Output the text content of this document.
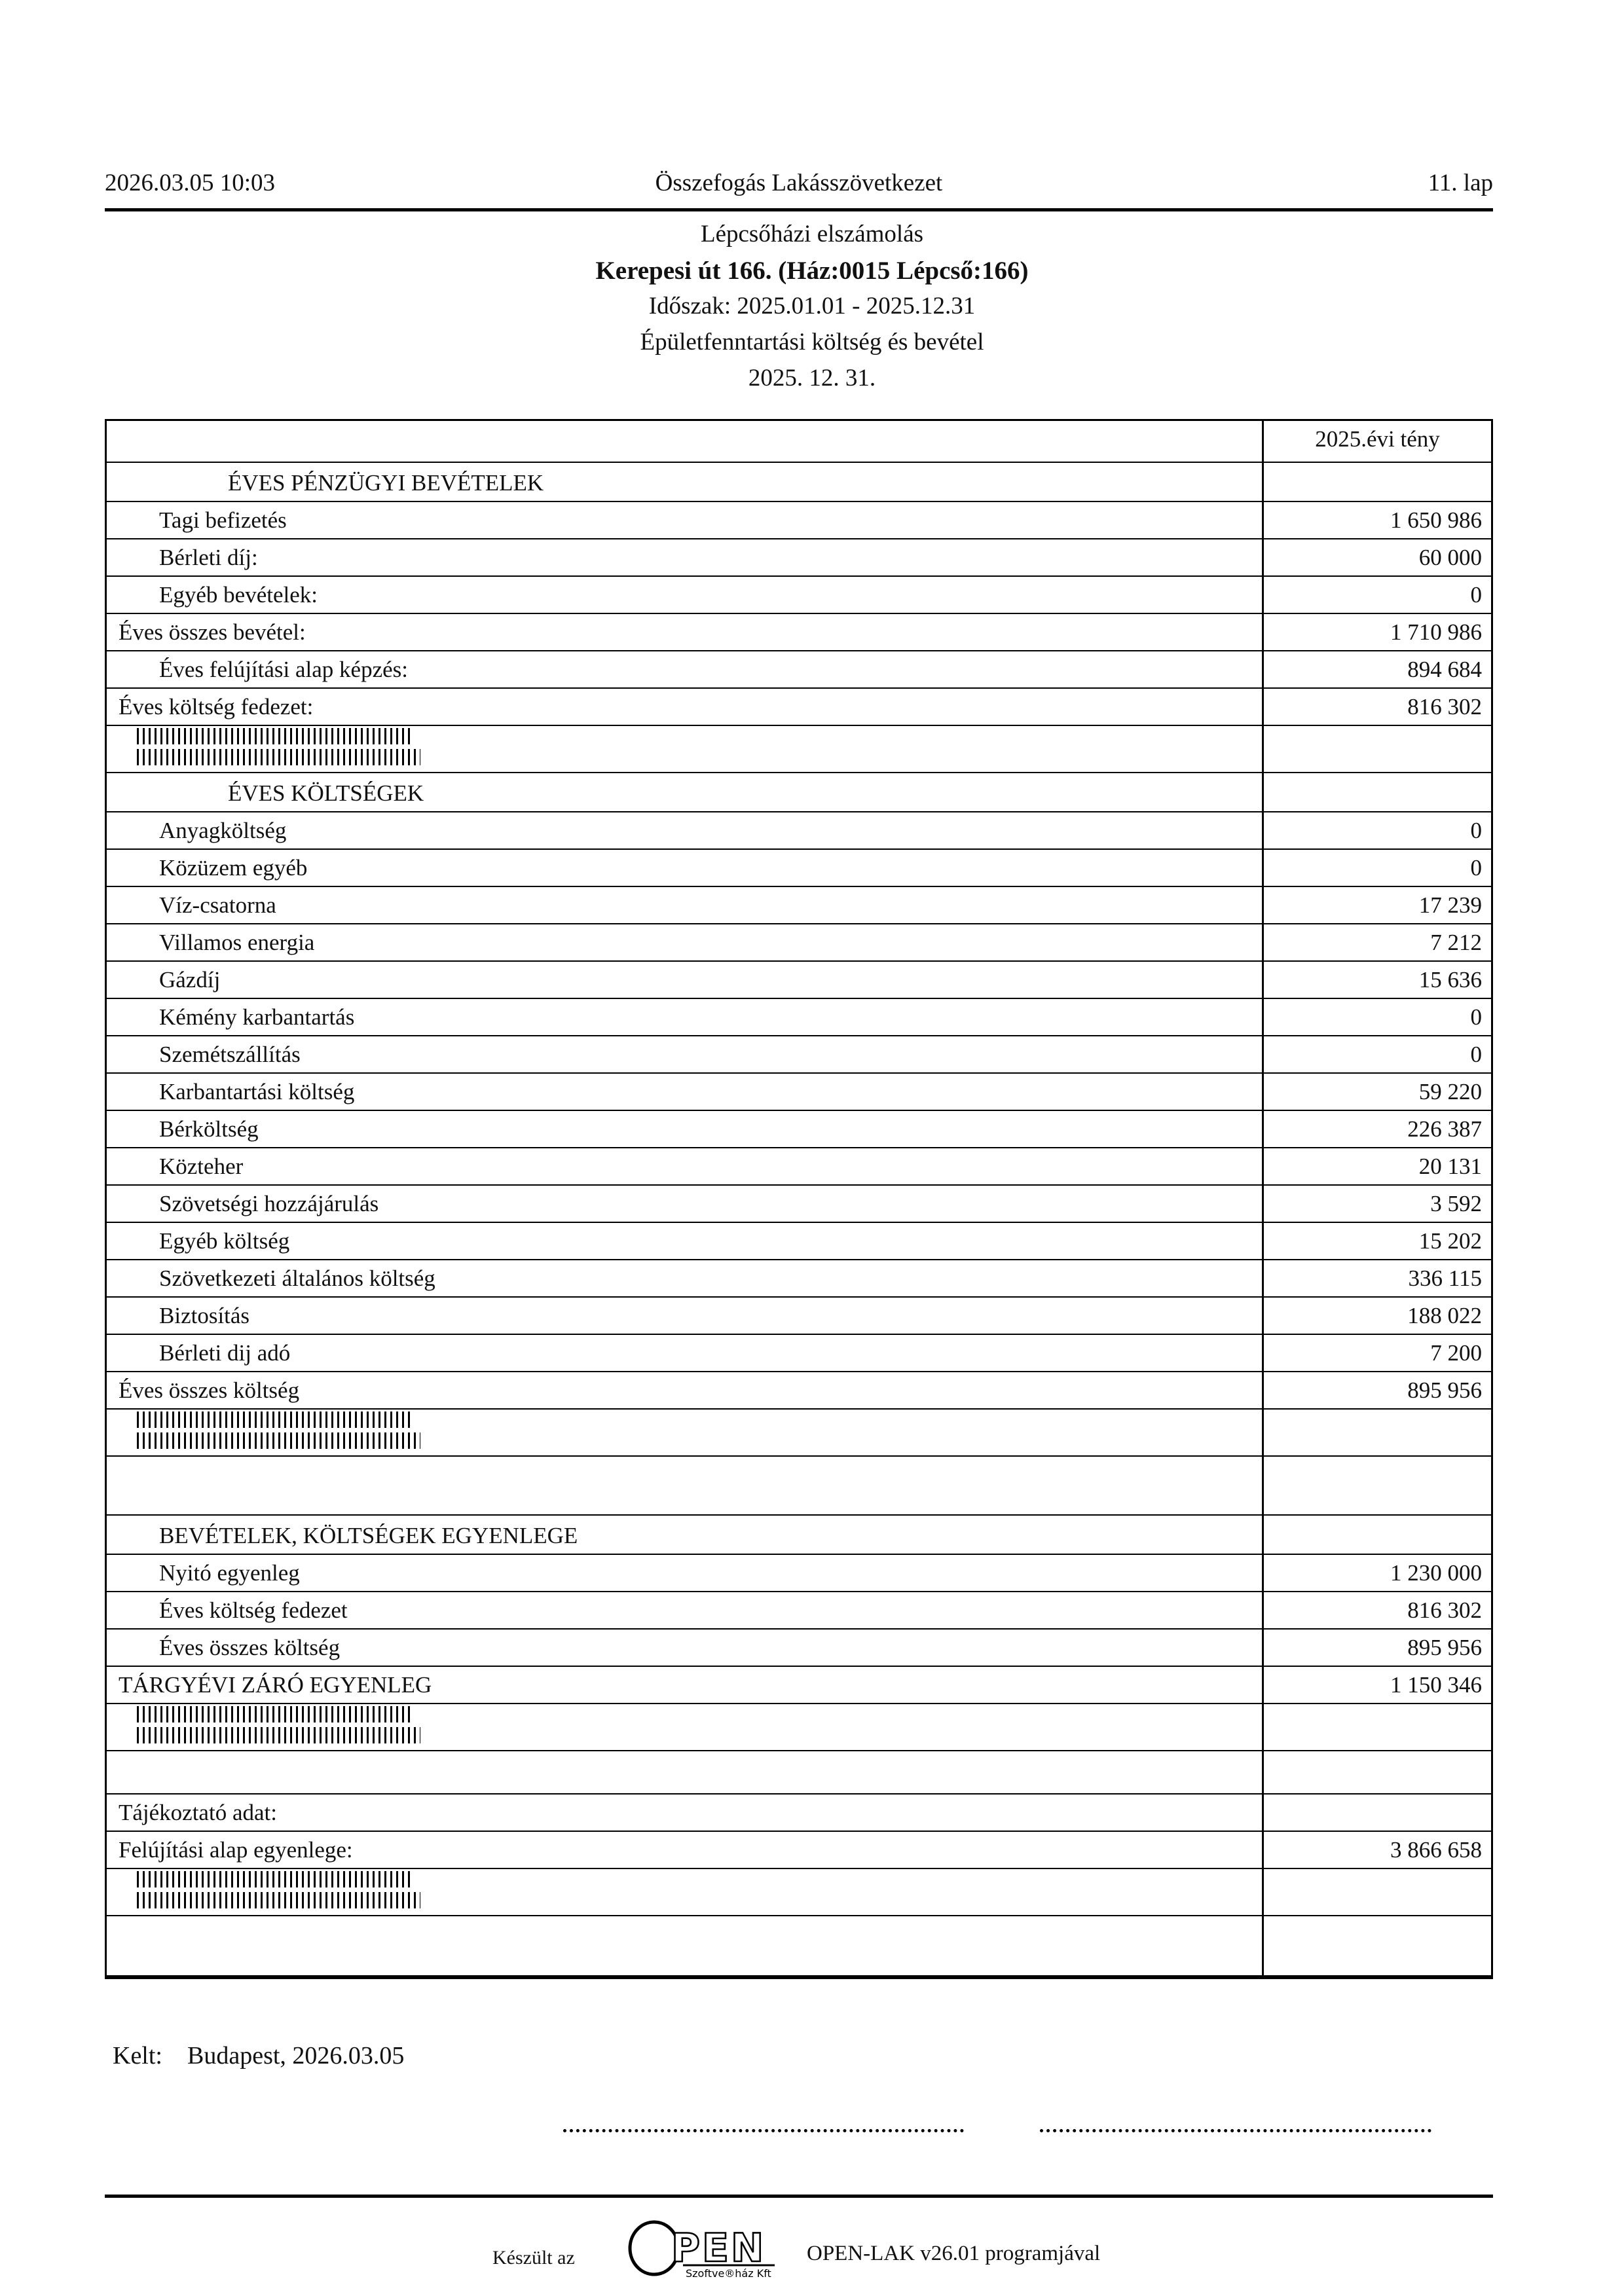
2026.03.05 10:03	Összefogás Lakásszövetkezet	11. lap
Lépcsőházi elszámolás
Kerepesi út 166. (Ház:0015 Lépcső:166)
Időszak: 2025.01.01 - 2025.12.31
Épületfenntartási költség és bevétel
2025. 12. 31.
2025.évi tény
ÉVES PÉNZÜGYI BEVÉTELEK
Tagi befizetés	1 650 986
Bérleti díj:	60 000
Egyéb bevételek:	0
Éves összes bevétel:	1 710 986
Éves felújítási alap képzés:	894 684
Éves költség fedezet:	816 302
ÉVES KÖLTSÉGEK
Anyagköltség	0
Közüzem egyéb	0
Víz-csatorna	17 239
Villamos energia	7 212
Gázdíj	15 636
Kémény karbantartás	0
Szemétszállítás	0
Karbantartási költség	59 220
Bérköltség	226 387
Közteher	20 131
Szövetségi hozzájárulás	3 592
Egyéb költség	15 202
Szövetkezeti általános költség	336 115
Biztosítás	188 022
Bérleti dij adó	7 200
Éves összes költség	895 956
BEVÉTELEK, KÖLTSÉGEK EGYENLEGE
Nyitó egyenleg	1 230 000
Éves költség fedezet	816 302
Éves összes költség	895 956
TÁRGYÉVI ZÁRÓ EGYENLEG	1 150 346
Tájékoztató adat:
Felújítási alap egyenlege:	3 866 658
Kelt: Budapest, 2026.03.05
Készült az PEN
Szoftve®ház Kft
OPEN-LAK v26.01 programjával
